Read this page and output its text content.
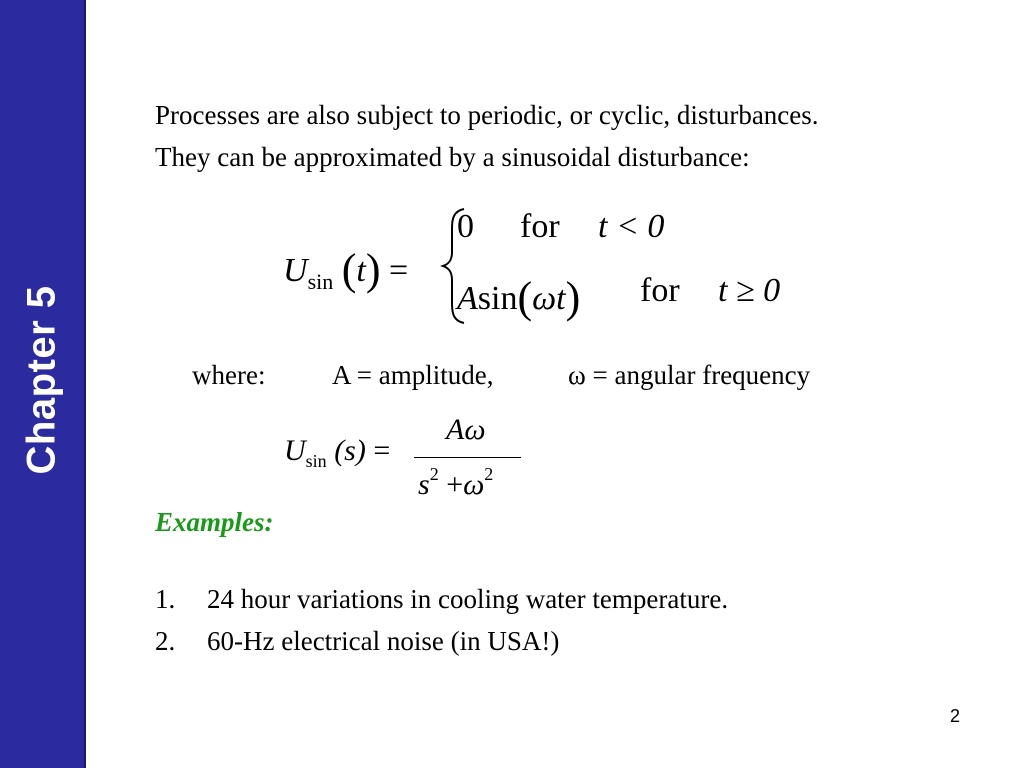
Chapter 5

Processes are also subject to periodic, or cyclic, disturbances.

They can be approximated by a sinusoidal disturbance:

$U_{sin}$ (t) =
0 for t < 0
Asin(ωt) for t ≥ 0
where: A = amplitude,	ω = angular frequency
$U_{sin}$ (s) =
Aω
$s^2 +\omega^2$
Examples:
1. 24 hour variations in cooling water temperature.
2. 60-Hz electrical noise (in USA!)
2
